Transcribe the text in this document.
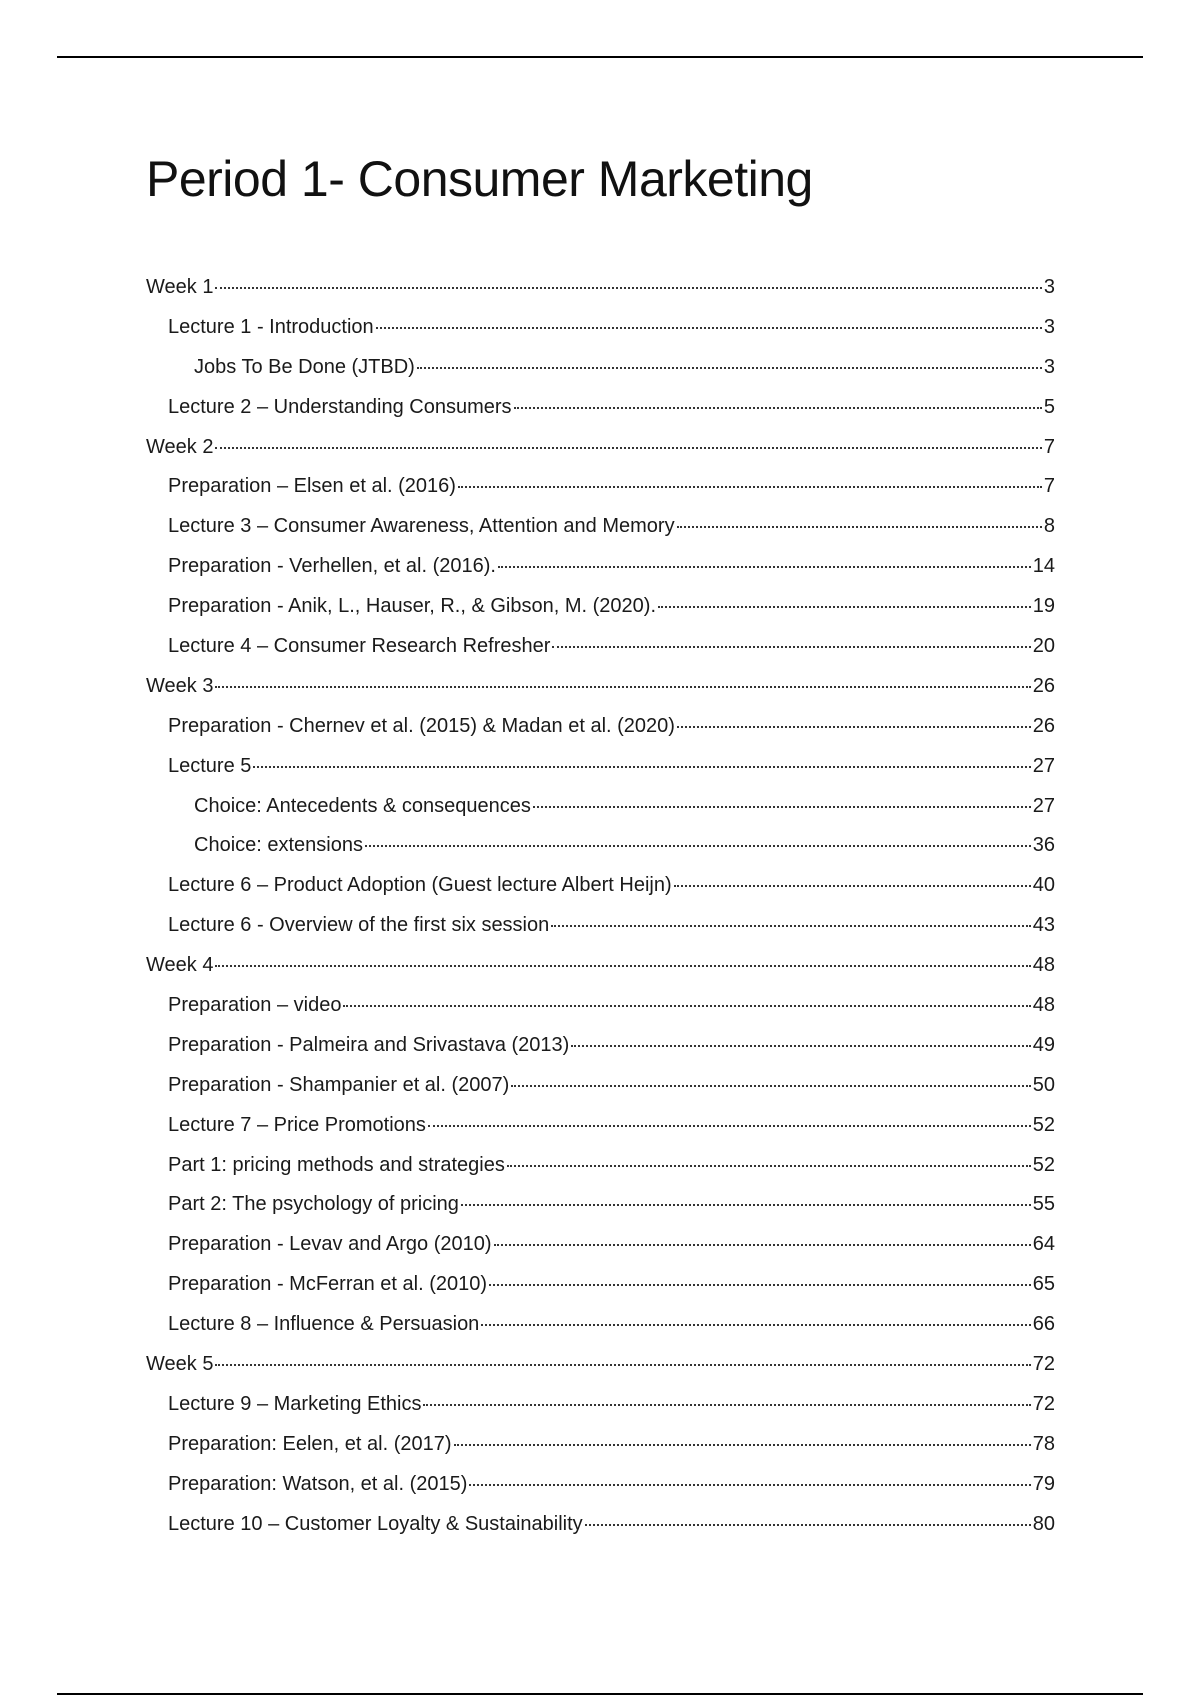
Period 1- Consumer Marketing
Week 1	3
Lecture 1 - Introduction	3
Jobs To Be Done (JTBD)	3
Lecture 2 – Understanding Consumers	5
Week 2	7
Preparation – Elsen et al. (2016)	7
Lecture 3 – Consumer Awareness, Attention and Memory	8
Preparation - Verhellen, et al. (2016).	14
Preparation - Anik, L., Hauser, R., & Gibson, M. (2020).	19
Lecture 4 – Consumer Research Refresher	20
Week 3	26
Preparation - Chernev et al. (2015) & Madan et al. (2020)	26
Lecture 5	27
Choice: Antecedents & consequences	27
Choice: extensions	36
Lecture 6 – Product Adoption (Guest lecture Albert Heijn)	40
Lecture 6 - Overview of the first six session	43
Week 4	48
Preparation – video	48
Preparation - Palmeira and Srivastava (2013)	49
Preparation - Shampanier et al. (2007)	50
Lecture 7 – Price Promotions	52
Part 1: pricing methods and strategies	52
Part 2: The psychology of pricing	55
Preparation - Levav and Argo (2010)	64
Preparation - McFerran et al. (2010)	65
Lecture 8 – Influence & Persuasion	66
Week 5	72
Lecture 9 – Marketing Ethics	72
Preparation: Eelen, et al. (2017)	78
Preparation: Watson, et al. (2015)	79
Lecture 10 – Customer Loyalty & Sustainability	80
